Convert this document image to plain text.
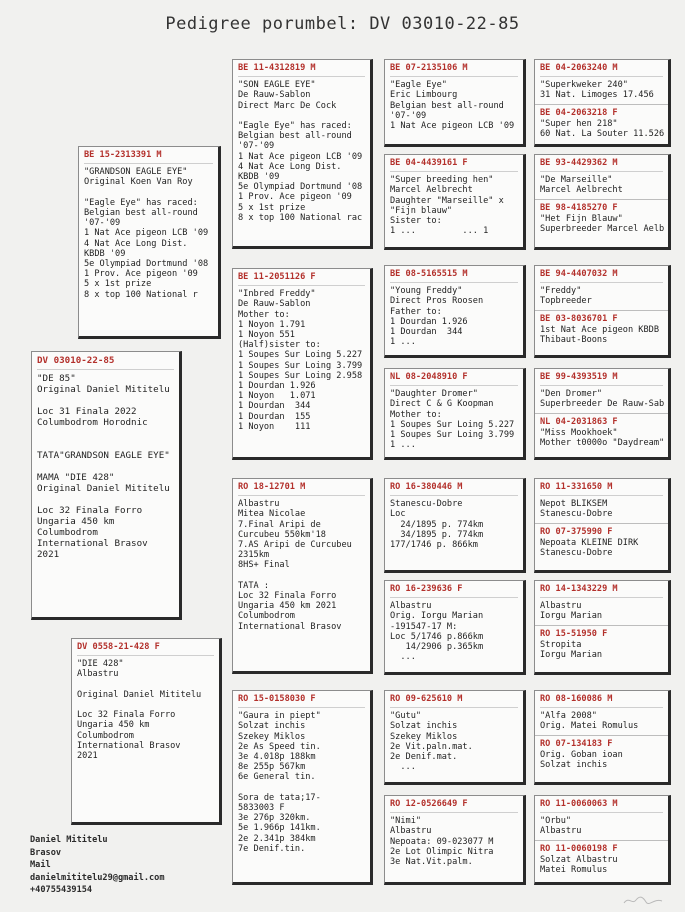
Pedigree porumbel: DV 03010-22-85
DV 03010-22-85
"DE 85"
Original Daniel Mititelu

Loc 31 Finala 2022
Columbodrom Horodnic

TATA"GRANDSON EAGLE EYE"

MAMA "DIE 428"
Original Daniel Mititelu

Loc 32 Finala Forro
Ungaria 450 km
Columbodrom
International Brasov
2021
BE 15-2313391 M
"GRANDSON EAGLE EYE"
Original Koen Van Roy

"Eagle Eye" has raced:
Belgian best all-round
'07-'09
1 Nat Ace pigeon LCB '09
4 Nat Ace Long Dist.
KBDB '09
5e Olympiad Dortmund '08
1 Prov. Ace pigeon '09
5 x 1st prize
8 x top 100 National r
DV 0558-21-428 F
"DIE 428"
Albastru

Original Daniel Mititelu

Loc 32 Finala Forro
Ungaria 450 km
Columbodrom
International Brasov
2021
BE 11-4312819 M
"SON EAGLE EYE"
De Rauw-Sablon
Direct Marc De Cock

"Eagle Eye" has raced:
Belgian best all-round
'07-'09
1 Nat Ace pigeon LCB '09
4 Nat Ace Long Dist.
KBDB '09
5e Olympiad Dortmund '08
1 Prov. Ace pigeon '09
5 x 1st prize
8 x top 100 National rac
BE 11-2051126 F
"Inbred Freddy"
De Rauw-Sablon
Mother to:
1 Noyon 1.791
1 Noyon 551
(Half)sister to:
1 Soupes Sur Loing 5.227
1 Soupes Sur Loing 3.799
1 Soupes Sur Loing 2.958
1 Dourdan 1.926
1 Noyon   1.071
1 Dourdan  344
1 Dourdan  155
1 Noyon    111
RO 18-12701 M
Albastru
Mitea Nicolae
7.Final Aripi de
Curcubeu 550km'18
7.AS Aripi de Curcubeu
2315km
8HS+ Final

TATA :
Loc 32 Finala Forro
Ungaria 450 km 2021
Columbodrom
International Brasov
RO 15-0158030 F
"Gaura in piept"
Solzat inchis
Szekey Miklos
2e As Speed tin.
3e 4.018p 188km
8e 255p 567km
6e General tin.

Sora de tata;17-
5833003 F
3e 276p 320km.
5e 1.966p 141km.
2e 2.341p 384km
7e Denif.tin.
BE 07-2135106 M
"Eagle Eye"
Eric Limbourg
Belgian best all-round
'07-'09
1 Nat Ace pigeon LCB '09
BE 04-4439161 F
"Super breeding hen"
Marcel Aelbrecht
Daughter "Marseille" x
"Fijn blauw"
Sister to:
1 ...         ... 1
BE 08-5165515 M
"Young Freddy"
Direct Pros Roosen
Father to:
1 Dourdan 1.926
1 Dourdan  344
1 ...
NL 08-2048910 F
"Daughter Dromer"
Direct C & G Koopman
Mother to:
1 Soupes Sur Loing 5.227
1 Soupes Sur Loing 3.799
1 ...
RO 16-380446 M
Stanescu-Dobre
Loc
24/1895 p. 774km
34/1895 p. 774km
177/1746 p. 866km
RO 16-239636 F
Albastru
Orig. Iorgu Marian
-191547-17 M:
Loc 5/1746 p.866km
14/2906 p.365km
...
RO 09-625610 M
"Gutu"
Solzat inchis
Szekey Miklos
2e Vit.paln.mat.
2e Denif.mat.
...
RO 12-0526649 F
"Nimi"
Albastru
Nepoata: 09-023077 M
2e Lot Olimpic Nitra
3e Nat.Vit.palm.
BE 04-2063240 M
"Superkweker 240"
31 Nat. Limoges 17.456
BE 04-2063218 F
"Super hen 218"
60 Nat. La Souter 11.526
BE 93-4429362 M
"De Marseille"
Marcel Aelbrecht
BE 98-4185270 F
"Het Fijn Blauw"
Superbreeder Marcel Aelb
BE 94-4407032 M
"Freddy"
Topbreeder
BE 03-8036701 F
1st Nat Ace pigeon KBDB
Thibaut-Boons
BE 99-4393519 M
"Den Dromer"
Superbreeder De Rauw-Sab
NL 04-2031863 F
"Miss Mookhoek"
Mother t0000o "Daydream"
RO 11-331650 M
Nepot BLIKSEM
Stanescu-Dobre
RO 07-375990 F
Nepoata KLEINE DIRK
Stanescu-Dobre
RO 14-1343229 M
Albastru
Iorgu Marian
RO 15-51950 F
Stropita
Iorgu Marian
RO 08-160086 M
"Alfa 2008"
Orig. Matei Romulus
RO 07-134183 F
Orig. Goban ioan
Solzat inchis
RO 11-0060063 M
"Orbu"
Albastru
RO 11-0060198 F
Solzat Albastru
Matei Romulus
Daniel Mititelu
Brasov
Mail
danielmititelu29@gmail.com
+40755439154
